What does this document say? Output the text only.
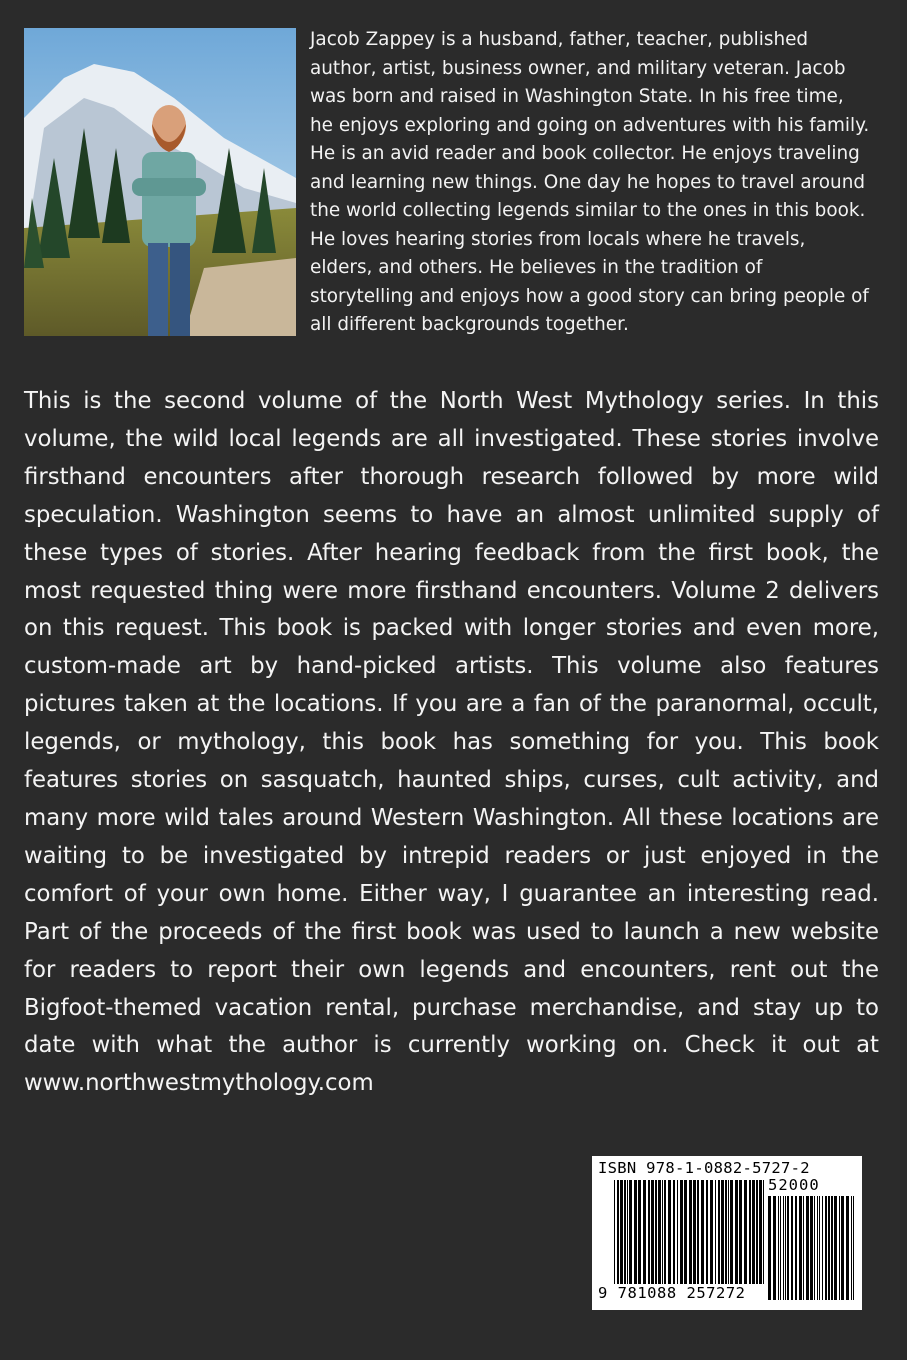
Jacob Zappey is a husband, father, teacher, published author, artist, business owner, and military veteran. Jacob was born and raised in Washington State. In his free time, he enjoys exploring and going on adventures with his family. He is an avid reader and book collector. He enjoys traveling and learning new things. One day he hopes to travel around the world collecting legends similar to the ones in this book. He loves hearing stories from locals where he travels, elders, and others. He believes in the tradition of storytelling and enjoys how a good story can bring people of all different backgrounds together.

This is the second volume of the North West Mythology series. In this volume, the wild local legends are all investigated. These stories involve firsthand encounters after thorough research followed by more wild speculation. Washington seems to have an almost unlimited supply of these types of stories. After hearing feedback from the first book, the most requested thing were more firsthand encounters. Volume 2 delivers on this request. This book is packed with longer stories and even more, custom-made art by hand-picked artists. This volume also features pictures taken at the locations. If you are a fan of the paranormal, occult, legends, or mythology, this book has something for you. This book features stories on sasquatch, haunted ships, curses, cult activity, and many more wild tales around Western Washington. All these locations are waiting to be investigated by intrepid readers or just enjoyed in the comfort of your own home. Either way, I guarantee an interesting read. Part of the proceeds of the first book was used to launch a new website for readers to report their own legends and encounters, rent out the Bigfoot-themed vacation rental, purchase merchandise, and stay up to date with what the author is currently working on. Check it out at www.northwestmythology.com

ISBN 978-1-0882-5727-2
52000
9 781088 257272
